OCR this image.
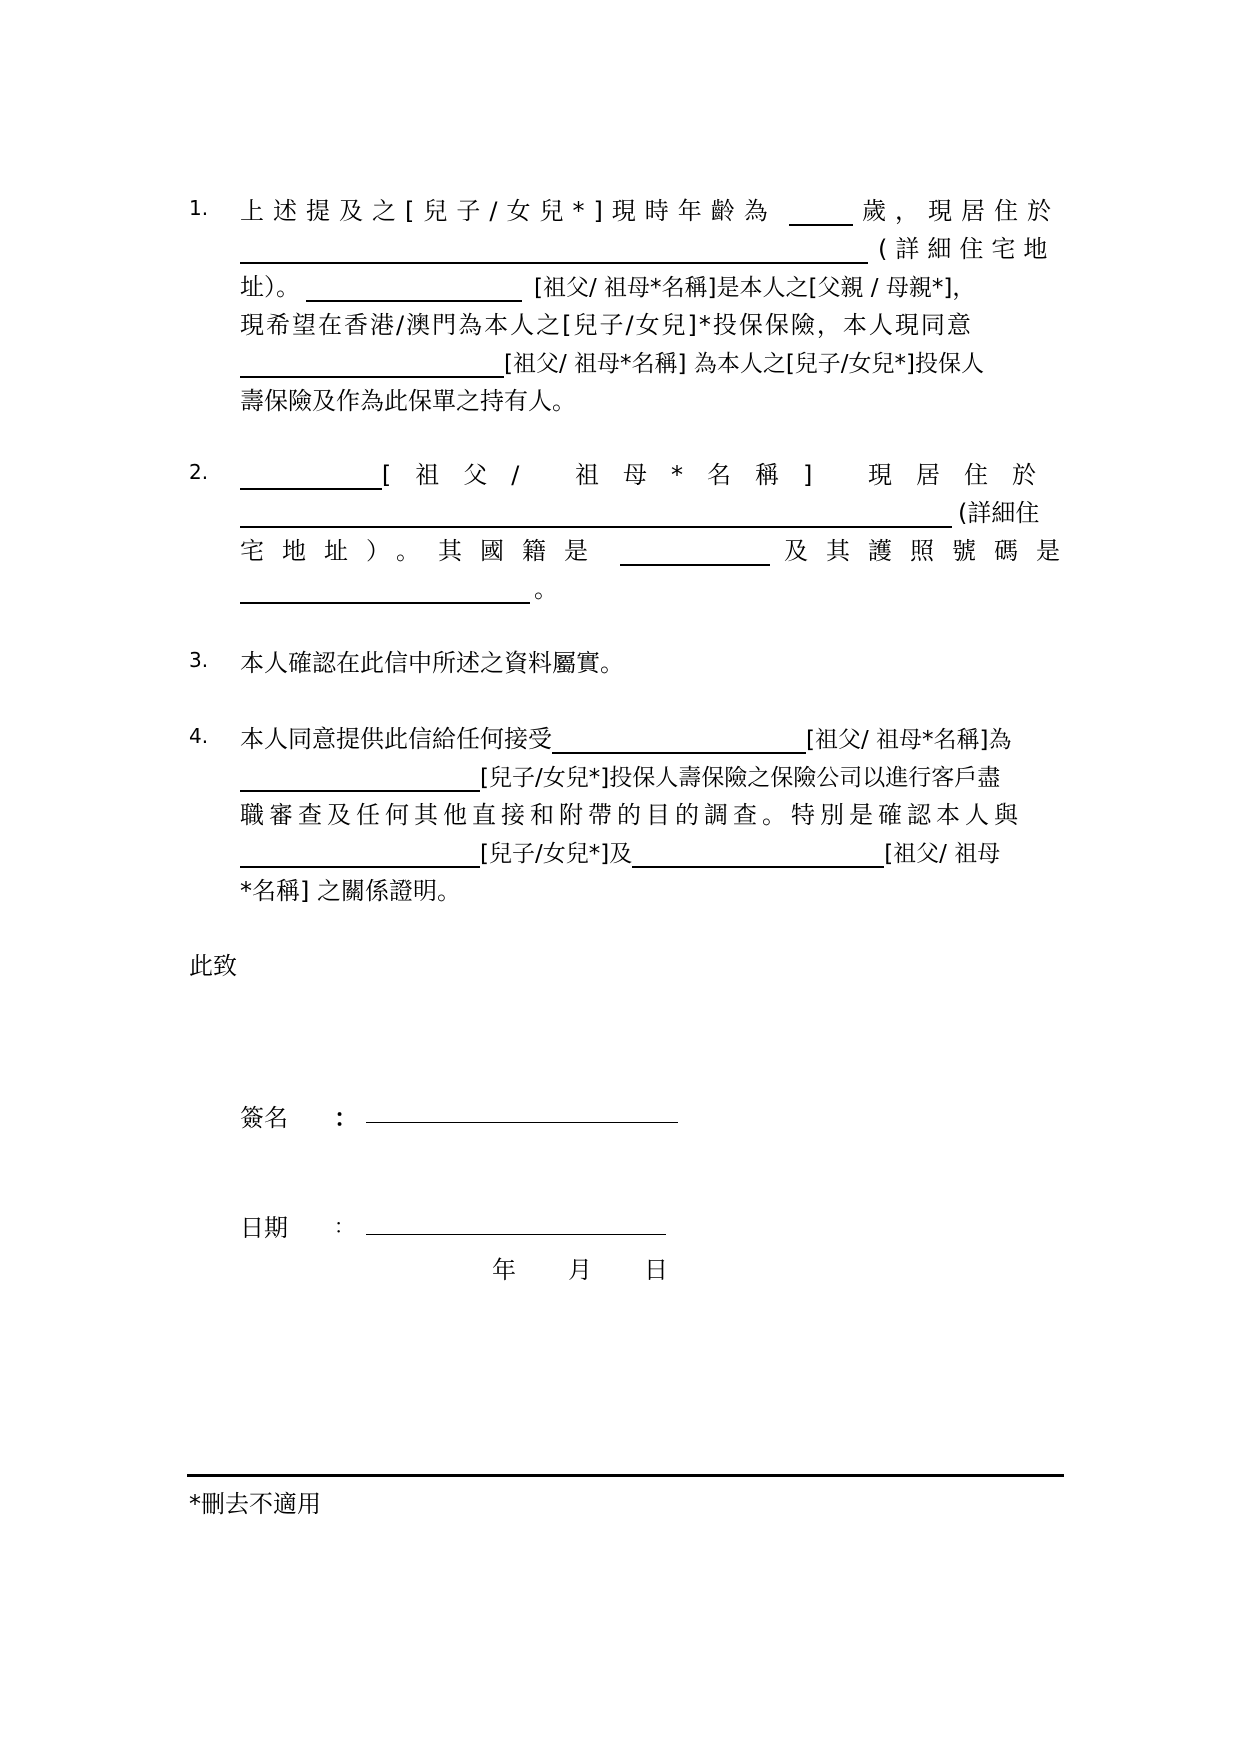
1. 上述提及之[兒子/女兒*]現時年齡為	歲，現居住於
(詳細住宅地
址）。	[祖父/ 祖母*名稱]是本人之[父親 / 母親*]，
現希望在香港/澳門為本人之[兒子/女兒]*投保保險，本人現同意
[祖父/ 祖母*名稱] 為本人之[兒子/女兒*]投保人
壽保險及作為此保單之持有人。
2.	[祖父/ 祖母*名稱] 現居住於
(詳細住
宅地址）。其國籍是	及其護照號碼是
。
3. 本人確認在此信中所述之資料屬實。
4. 本人同意提供此信給任何接受	[祖父/ 祖母*名稱]為
[兒子/女兒*]投保人壽保險之保險公司以進行客戶盡
職審查及任何其他直接和附帶的目的調查。特別是確認本人與
[兒子/女兒*]及	[祖父/ 祖母
*名稱] 之關係證明。
此致
簽名 ：
日期 ：
年 月 日
*刪去不適用
